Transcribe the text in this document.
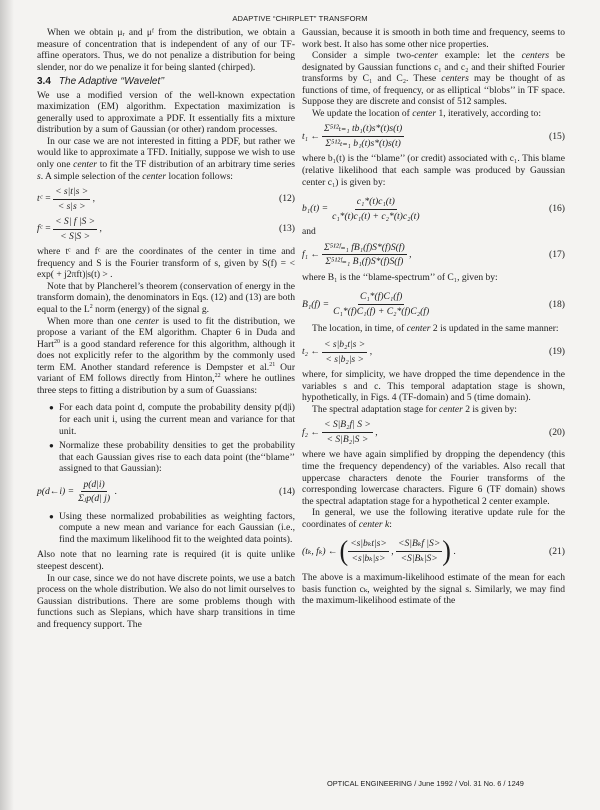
ADAPTIVE “CHIRPLET” TRANSFORM

When we obtain μᵣ and μᶠ from the distribution, we obtain a measure of concentration that is independent of any of our TF-affine operators. Thus, we do not penalize a distribution for being slender, nor do we penalize it for being slanted (chirped).

3.4 The Adaptive ‘‘Wavelet’’

We use a modified version of the well-known expectation maximization (EM) algorithm. Expectation maximization is generally used to approximate a PDF. It essentially fits a mixture distribution by a sum of Gaussian (or other) random processes.

In our case we are not interested in fitting a PDF, but rather we would like to approximate a TFD. Initially, suppose we wish to use only one center to fit the TF distribution of an arbitrary time series s. A simple selection of the center location follows:

tᶜ = $\frac{< s|t|s >}{< s|s >}$ ,	(12)
fᶜ = $\frac{< S| f |S >}{< S|S >}$ ,	(13)

where tᶜ and fᶜ are the coordinates of the center in time and frequency and S is the Fourier transform of s, given by S(f) = < exp( + j2πft)|s(t) > .

Note that by Plancherel’s theorem (conservation of energy in the transform domain), the denominators in Eqs. (12) and (13) are both equal to the $L^2$ norm (energy) of the signal g.

When more than one center is used to fit the distribution, we propose a variant of the EM algorithm. Chapter 6 in Duda and Hart$^{20}$ is a good standard reference for this algorithm, although it does not explicitly refer to the algorithm by the commonly used term EM. Another standard reference is Dempster et al.$^{21}$ Our variant of EM follows directly from Hinton,$^{22}$ where he outlines three steps to fitting a distribution by a sum of Guassians:

● For each data point d, compute the probability density p(d|i) for each unit i, using the current mean and variance for that unit.
● Normalize these probability densities to get the probability that each Gaussian gives rise to each data point (the‘‘blame’’ assigned to that Gaussian):
p(d←i) = $\frac{p(d|i)}{\text{Σⱼp(d| j)}}$ .	(14)
● Using these normalized probabilities as weighting factors, compute a new mean and variance for each Gaussian (i.e., find the maximum likelihood fit to the weighted data points).

Also note that no learning rate is required (it is quite unlike steepest descent).

In our case, since we do not have discrete points, we use a batch process on the whole distribution. We also do not limit ourselves to Gaussian distributions. There are some problems though with functions such as Slepians, which have sharp transitions in time and frequency support. The

Gaussian, because it is smooth in both time and frequency, seems to work best. It also has some other nice properties.

Consider a simple two-center example: let the centers be designated by Gaussian functions c₁ and c₂ and their shifted Fourier transforms by C₁ and C₂. These centers may be thought of as functions of time, of frequency, or as elliptical ‘‘blobs’’ in TF space. Suppose they are discrete and consist of 512 samples.

We update the location of center 1, iteratively, according to:

t₁ ← $\frac{\text{Σ⁵¹²ₜ₌₁ tb₁(t)s*(t)s(t)}}{\text{Σ⁵¹²ₜ₌₁ b₁(t)s*(t)s(t)}}$	(15)

where b₁(t) is the ‘‘blame’’ (or credit) associated with c₁. This blame (relative likelihood that each sample was produced by Gaussian center c₁) is given by:

$b_1(t) = \frac{\text{c₁*(t)c₁(t)}}{\text{c₁*(t)c₁(t) + c₂*(t)c₂(t)}}$	(16)

and

f₁ ← $\frac{\text{Σ⁵¹²ᶠ₌₁ fB₁(f)S*(f)S(f)}}{\text{Σ⁵¹²ᶠ₌₁ B₁(f)S*(f)S(f)}}$ ,	(17)

where B₁ is the ‘‘blame-spectrum’’ of C₁, given by:

$B_1(f) = \frac{\text{C₁*(f)C₁(f)}}{\text{C₁*(f)C₁(f) + C₂*(f)C₂(f)}}$	(18)

The location, in time, of center 2 is updated in the same manner:

t₂ ← $\frac{\text{< s|b₂t|s >}}{\text{< s|b₂|s >}}$ ,	(19)

where, for simplicity, we have dropped the time dependence in the variables s and c. This temporal adaptation stage is shown, hypothetically, in Figs. 4 (TF-domain) and 5 (time domain).

The spectral adaptation stage for center 2 is given by:

f₂ ← $\frac{\text{< S|B₂f| S >}}{\text{< S|B₂|S >}}$ ,	(20)

where we have again simplified by dropping the dependency (this time the frequency dependency) of the variables. Also recall that uppercase characters denote the Fourier transforms of the corresponding lowercase characters. Figure 6 (TF domain) shows the spectral adaptation stage for a hypothetical 2 center example.

In general, we use the following iterative update rule for the coordinates of center k:

(tₖ, fₖ) ← ( $\frac{\text{<s|bₖt|s>}}{\text{<s|bₖ|s>}}$ , $\frac{\text{<S|Bₖf |S>}}{\text{<S|Bₖ|S>}}$ ) .	(21)

The above is a maximum-likelihood estimate of the mean for each basis function cₖ, weighted by the signal s. Similarly, we may find the maximum-likelihood estimate of the

OPTICAL ENGINEERING / June 1992 / Vol. 31 No. 6 / 1249
